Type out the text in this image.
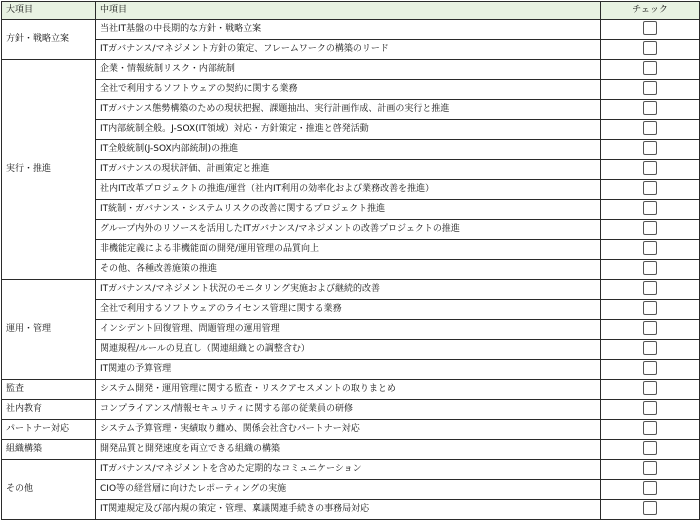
大項目	中項目	チェック
方針・戦略立案	当社IT基盤の中長期的な方針・戦略立案	
	ITガバナンス/マネジメント方針の策定、フレームワークの構築のリード	
実行・推進	企業・情報統制リスク・内部統制	
	全社で利用するソフトウェアの契約に関する業務	
	ITガバナンス態勢構築のための現状把握、課題抽出、実行計画作成、計画の実行と推進	
	IT内部統制全般。J-SOX(IT領域）対応・方針策定・推進と啓発活動	
	IT全般統制(J-SOX内部統制)の推進	
	ITガバナンスの現状評価、計画策定と推進	
	社内IT改革プロジェクトの推進/運営（社内IT利用の効率化および業務改善を推進）	
	IT統制・ガバナンス・システムリスクの改善に関するプロジェクト推進	
	グループ内外のリソースを活用したITガバナンス/マネジメントの改善プロジェクトの推進	
	非機能定義による非機能面の開発/運用管理の品質向上	
	その他、各種改善施策の推進	
運用・管理	ITガバナンス/マネジメント状況のモニタリング実施および継続的改善	
	全社で利用するソフトウェアのライセンス管理に関する業務	
	インシデント回復管理、問題管理の運用管理	
	関連規程/ルールの見直し（関連組織との調整含む）	
	IT関連の予算管理	
監査	システム開発・運用管理に関する監査・リスクアセスメントの取りまとめ	
社内教育	コンプライアンス/情報セキュリティに関する部の従業員の研修	
パートナー対応	システム予算管理・実績取り纏め、関係会社含むパートナー対応	
組織構築	開発品質と開発速度を両立できる組織の構築	
その他	ITガバナンス/マネジメントを含めた定期的なコミュニケーション	
	CIO等の経営層に向けたレポーティングの実施	
	IT関連規定及び部内規の策定・管理、稟議関連手続きの事務局対応	
